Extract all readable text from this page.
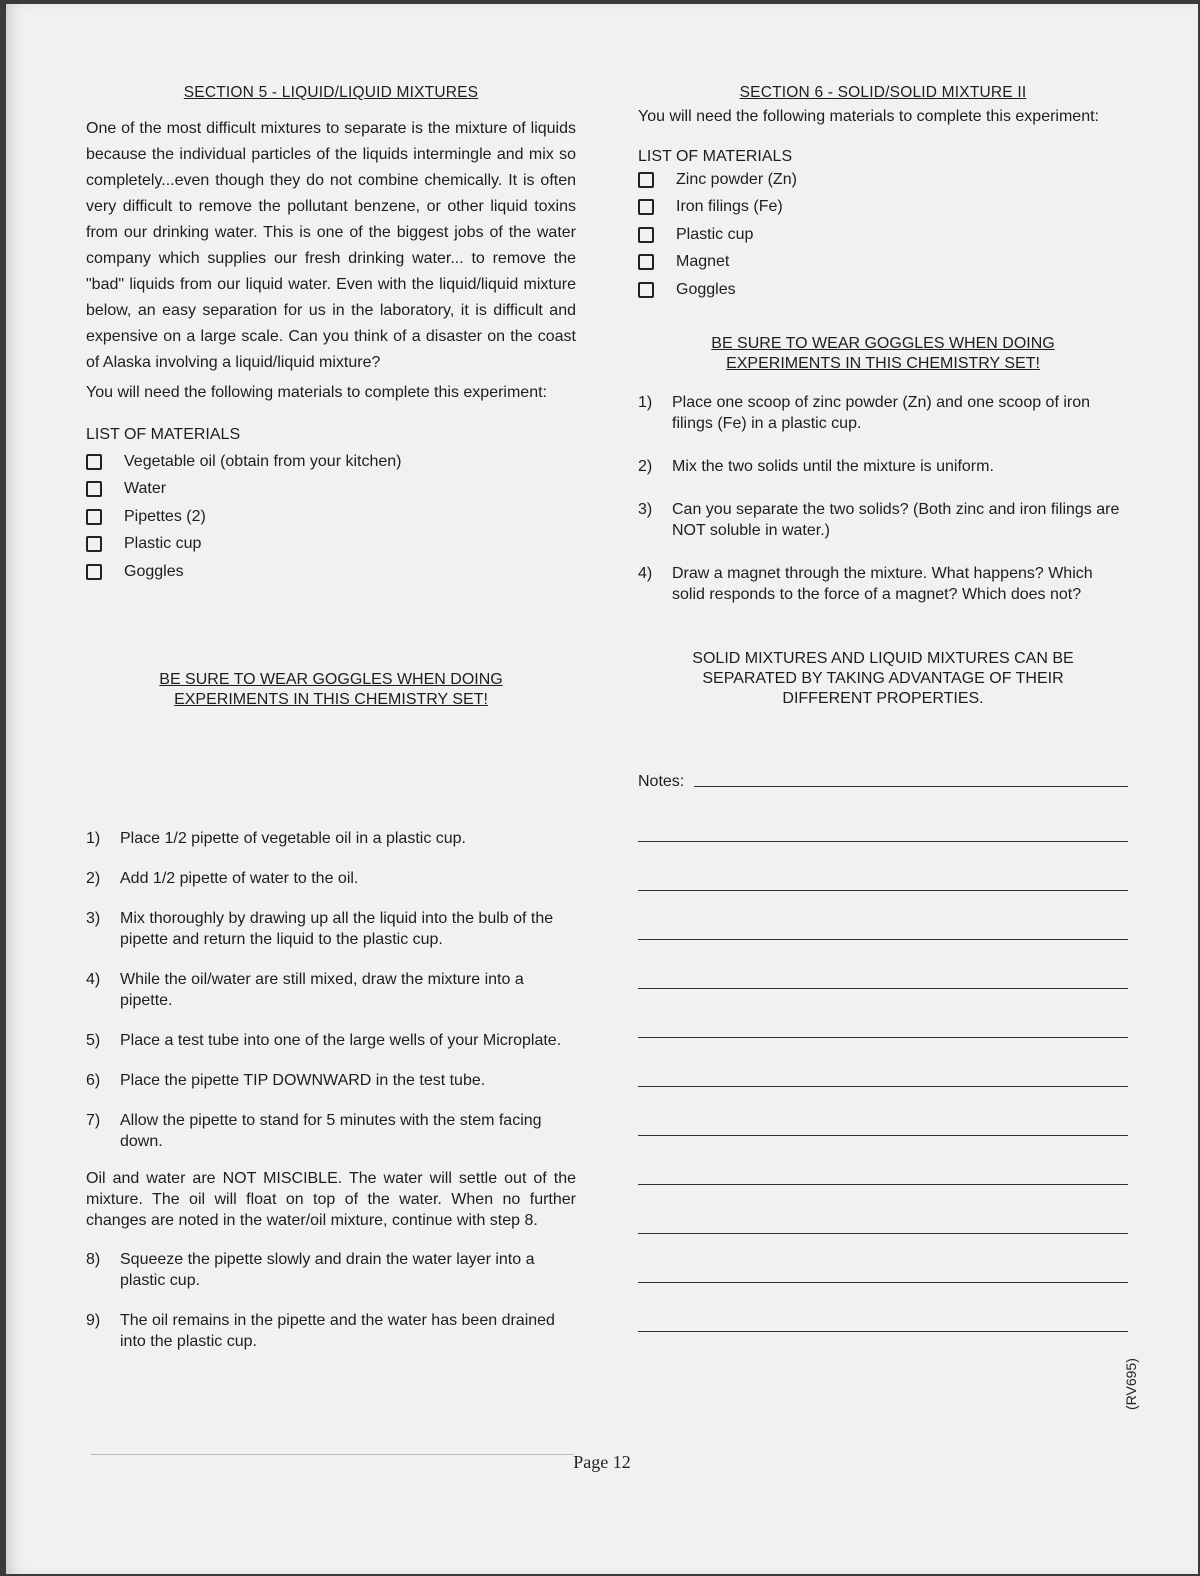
SECTION 5 - LIQUID/LIQUID MIXTURES

One of the most difficult mixtures to separate is the mixture of liquids because the individual particles of the liquids intermingle and mix so completely...even though they do not combine chemically. It is often very difficult to remove the pollutant benzene, or other liquid toxins from our drinking water. This is one of the biggest jobs of the water company which supplies our fresh drinking water... to remove the "bad" liquids from our liquid water. Even with the liquid/liquid mixture below, an easy separation for us in the laboratory, it is difficult and expensive on a large scale. Can you think of a disaster on the coast of Alaska involving a liquid/liquid mixture?

You will need the following materials to complete this experiment:

LIST OF MATERIALS

Vegetable oil (obtain from your kitchen)
Water
Pipettes (2)
Plastic cup
Goggles
BE SURE TO WEAR GOGGLES WHEN DOING
EXPERIMENTS IN THIS CHEMISTRY SET!
1)	Place 1/2 pipette of vegetable oil in a plastic cup.
2)	Add 1/2 pipette of water to the oil.
3)	Mix thoroughly by drawing up all the liquid into the bulb of the pipette and return the liquid to the plastic cup.
4)	While the oil/water are still mixed, draw the mixture into a pipette.
5)	Place a test tube into one of the large wells of your Microplate.
6)	Place the pipette TIP DOWNWARD in the test tube.
7)	Allow the pipette to stand for 5 minutes with the stem facing down.

Oil and water are NOT MISCIBLE. The water will settle out of the mixture. The oil will float on top of the water. When no further changes are noted in the water/oil mixture, continue with step 8.

8)	Squeeze the pipette slowly and drain the water layer into a plastic cup.
9)	The oil remains in the pipette and the water has been drained into the plastic cup.
SECTION 6 - SOLID/SOLID MIXTURE II

You will need the following materials to complete this experiment:

LIST OF MATERIALS

Zinc powder (Zn)
Iron filings (Fe)
Plastic cup
Magnet
Goggles
BE SURE TO WEAR GOGGLES WHEN DOING
EXPERIMENTS IN THIS CHEMISTRY SET!
1)	Place one scoop of zinc powder (Zn) and one scoop of iron filings (Fe) in a plastic cup.
2)	Mix the two solids until the mixture is uniform.
3)	Can you separate the two solids? (Both zinc and iron filings are NOT soluble in water.)
4)	Draw a magnet through the mixture. What happens? Which solid responds to the force of a magnet? Which does not?
SOLID MIXTURES AND LIQUID MIXTURES CAN BE
SEPARATED BY TAKING ADVANTAGE OF THEIR
DIFFERENT PROPERTIES.
Notes:
Page 12
(RV695)
